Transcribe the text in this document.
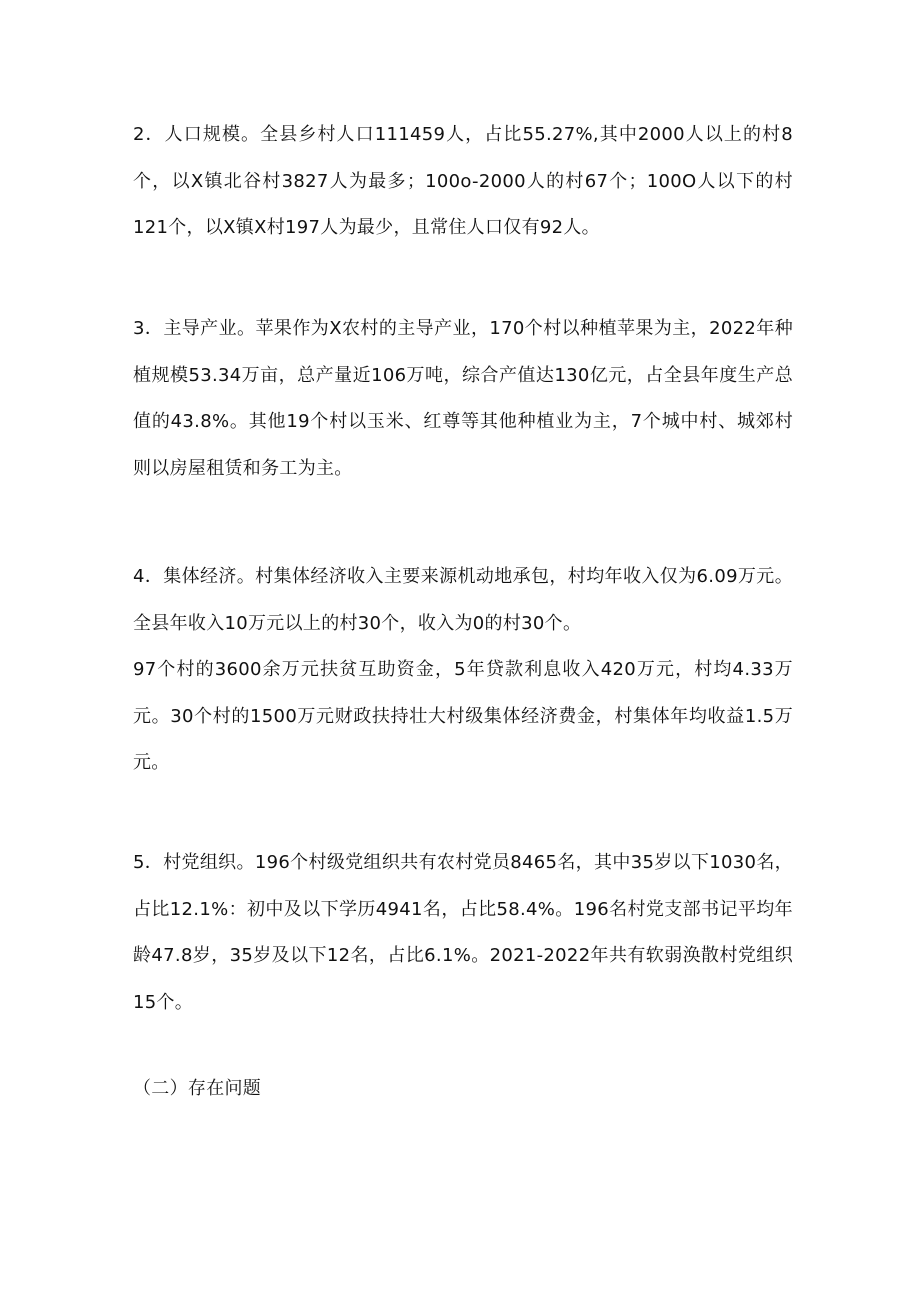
2．人口规模。全县乡村人口111459人，占比55.27%,其中2000人以上的村8个，以X镇北谷村3827人为最多；100o-2000人的村67个；100O人以下的村121个，以X镇X村197人为最少，且常住人口仅有92人。

3．主导产业。苹果作为X农村的主导产业，170个村以种植苹果为主，2022年种植规模53.34万亩，总产量近106万吨，综合产值达130亿元，占全县年度生产总值的43.8%。其他19个村以玉米、红尊等其他种植业为主，7个城中村、城郊村则以房屋租赁和务工为主。

4．集体经济。村集体经济收入主要来源机动地承包，村均年收入仅为6.09万元。全县年收入10万元以上的村30个，收入为0的村30个。
97个村的3600余万元扶贫互助资金，5年贷款利息收入420万元，村均4.33万元。30个村的1500万元财政扶持壮大村级集体经济费金，村集体年均收益1.5万元。

5．村党组织。196个村级党组织共有农村党员8465名，其中35岁以下1030名，占比12.1%：初中及以下学历4941名，占比58.4%。196名村党支部书记平均年龄47.8岁，35岁及以下12名，占比6.1%。2021-2022年共有软弱涣散村党组织15个。

（二）存在问题
